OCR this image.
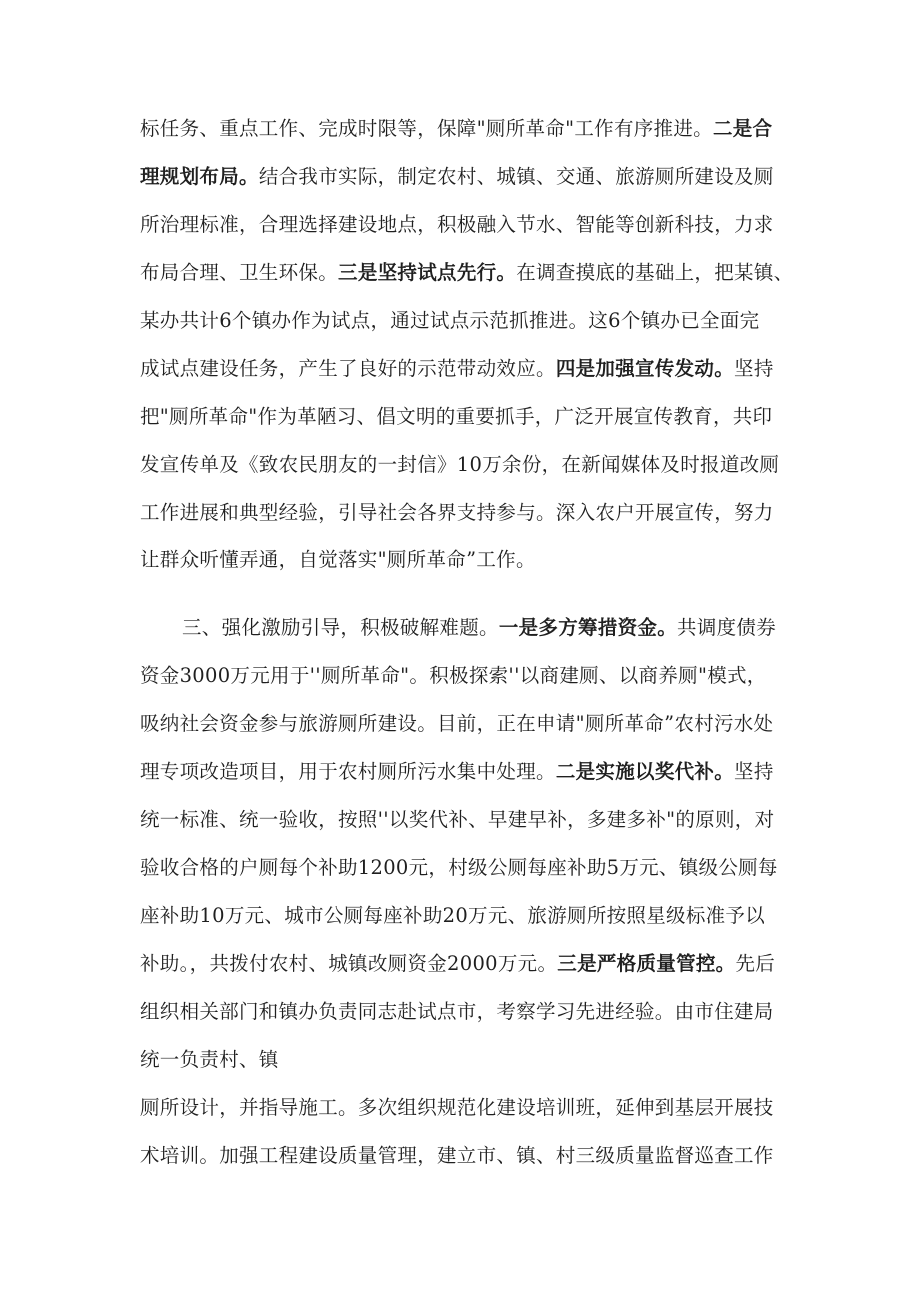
标任务、重点工作、完成时限等，保障"厕所革命"工作有序推进。二是合
理规划布局。结合我市实际，制定农村、城镇、交通、旅游厕所建设及厕
所治理标准，合理选择建设地点，积极融入节水、智能等创新科技，力求
布局合理、卫生环保。三是坚持试点先行。在调查摸底的基础上，把某镇、
某办共计6个镇办作为试点，通过试点示范抓推进。这6个镇办已全面完
成试点建设任务，产生了良好的示范带动效应。四是加强宣传发动。坚持
把"厕所革命"作为革陋习、倡文明的重要抓手，广泛开展宣传教育，共印
发宣传单及《致农民朋友的一封信》10万余份，在新闻媒体及时报道改厕
工作进展和典型经验，引导社会各界支持参与。深入农户开展宣传，努力
让群众听懂弄通，自觉落实"厕所革命”工作。
三、强化激励引导，积极破解难题。一是多方筹措资金。共调度债券
资金3000万元用于''厕所革命"。积极探索''以商建厕、以商养厕"模式，
吸纳社会资金参与旅游厕所建设。目前，正在申请"厕所革命”农村污水处
理专项改造项目，用于农村厕所污水集中处理。二是实施以奖代补。坚持
统一标准、统一验收，按照''以奖代补、早建早补，多建多补"的原则，对
验收合格的户厕每个补助1200元，村级公厕每座补助5万元、镇级公厕每
座补助10万元、城市公厕每座补助20万元、旅游厕所按照星级标准予以
补助。，共拨付农村、城镇改厕资金2000万元。三是严格质量管控。先后
组织相关部门和镇办负责同志赴试点市，考察学习先进经验。由市住建局
统一负责村、镇
厕所设计，并指导施工。多次组织规范化建设培训班，延伸到基层开展技
术培训。加强工程建设质量管理，建立市、镇、村三级质量监督巡查工作
